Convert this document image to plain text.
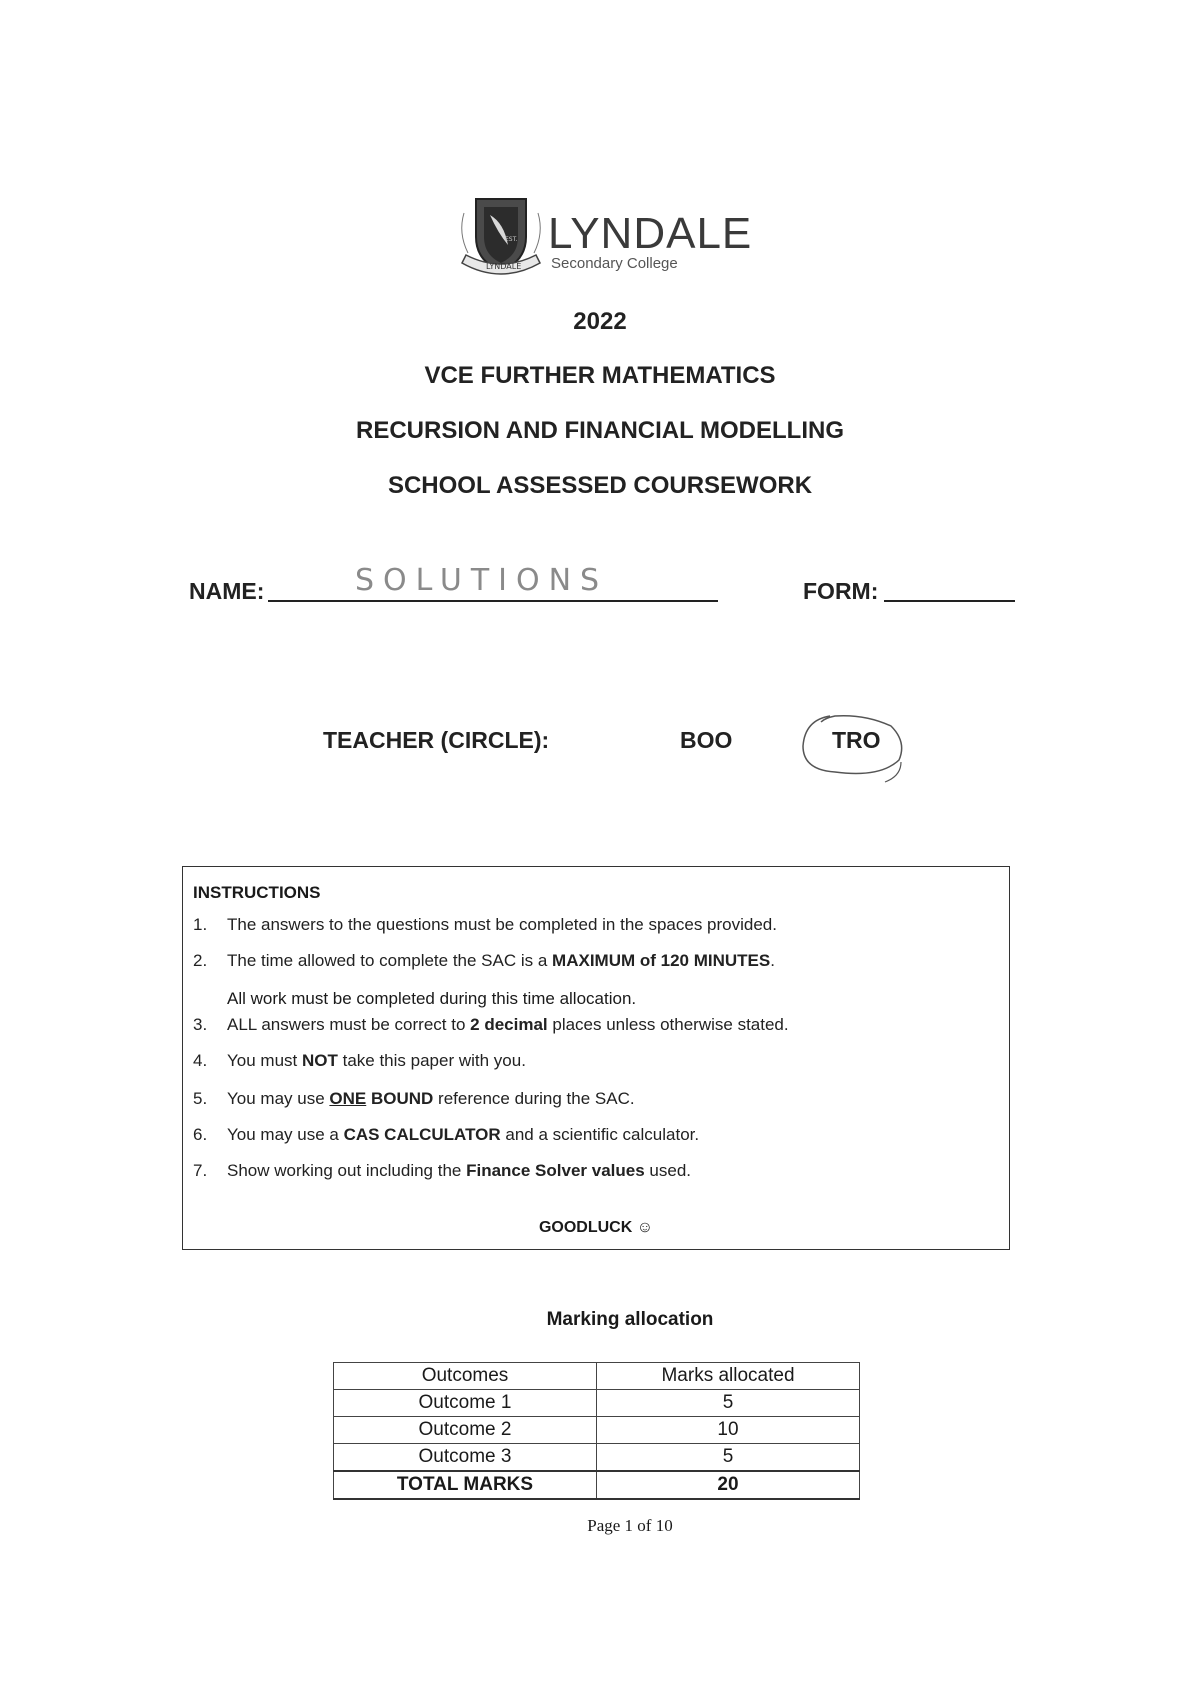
EST.
LYNDALE
LYNDALE
Secondary College
2022
VCE FURTHER MATHEMATICS
RECURSION AND FINANCIAL MODELLING
SCHOOL ASSESSED COURSEWORK
NAME:	SOLUTIONS	FORM:
TEACHER (CIRCLE):	BOO	TRO
INSTRUCTIONS
1. The answers to the questions must be completed in the spaces provided.
2. The time allowed to complete the SAC is a MAXIMUM of 120 MINUTES.
All work must be completed during this time allocation.
3. ALL answers must be correct to 2 decimal places unless otherwise stated.
4. You must NOT take this paper with you.
5. You may use ONE BOUND reference during the SAC.
6. You may use a CAS CALCULATOR and a scientific calculator.
7. Show working out including the Finance Solver values used.
GOODLUCK ☺
Marking allocation
Outcomes	Marks allocated
Outcome 1	5
Outcome 2	10
Outcome 3	5
TOTAL MARKS	20
Page 1 of 10
